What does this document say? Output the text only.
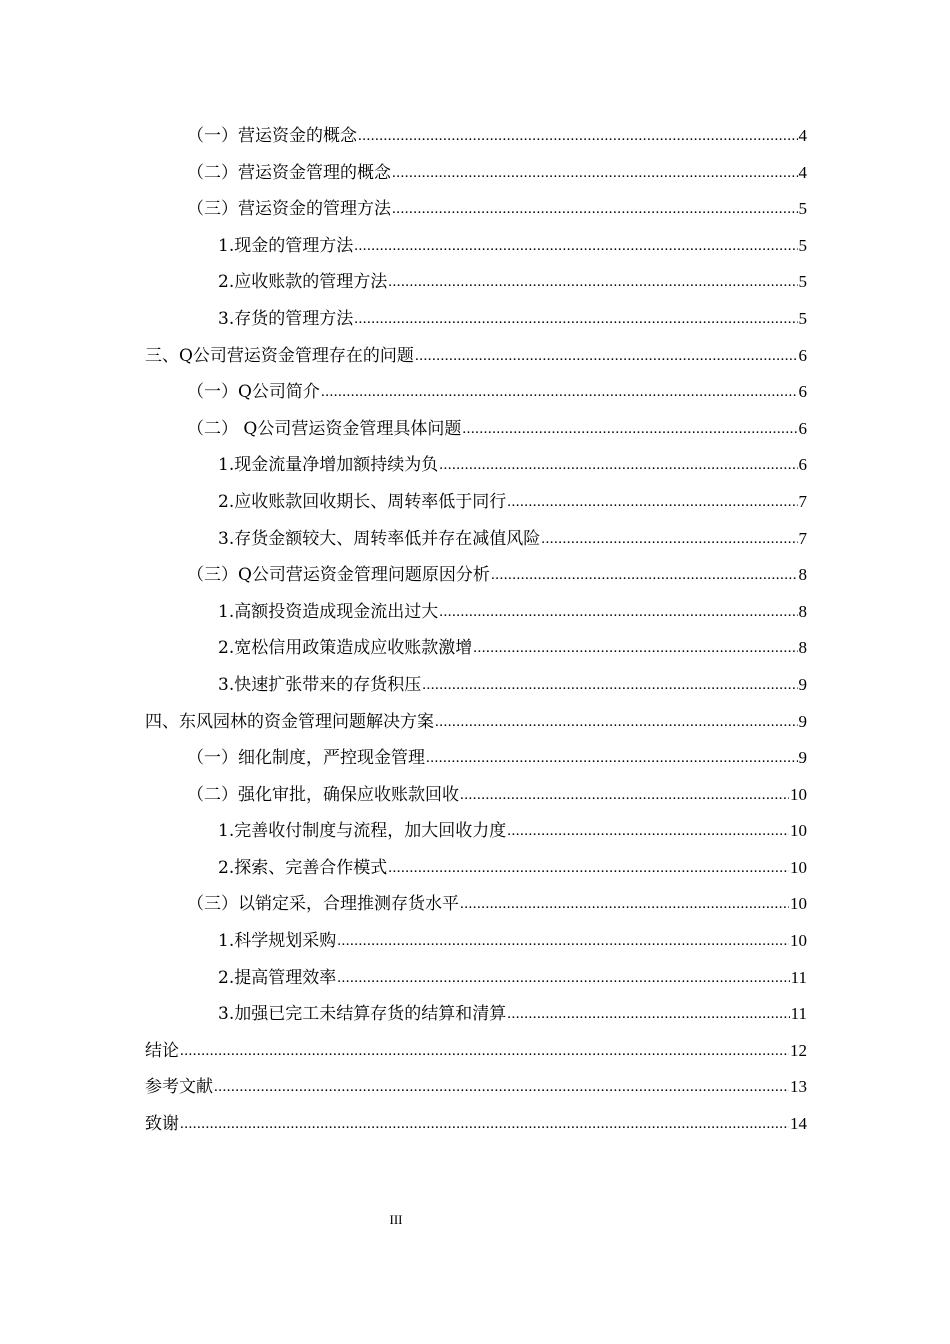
（一）营运资金的概念 .....	4
（二）营运资金管理的概念 .....	4
（三）营运资金的管理方法 .....	5
1.现金的管理方法 .....	5
2.应收账款的管理方法 .....	5
3.存货的管理方法 .....	5
三、Q公司营运资金管理存在的问题 .....	6
（一）Q公司简介 .....	6
（二） Q公司营运资金管理具体问题 .....	6
1.现金流量净增加额持续为负 .....	6
2.应收账款回收期长、周转率低于同行 .....	7
3.存货金额较大、周转率低并存在减值风险 .....	7
（三）Q公司营运资金管理问题原因分析 .....	8
1.高额投资造成现金流出过大 .....	8
2.宽松信用政策造成应收账款激增 .....	8
3.快速扩张带来的存货积压 .....	9
四、东风园林的资金管理问题解决方案 .....	9
（一）细化制度，严控现金管理 .....	9
（二）强化审批，确保应收账款回收 .....	10
1.完善收付制度与流程，加大回收力度 .....	10
2.探索、完善合作模式 .....	10
（三）以销定采，合理推测存货水平 .....	10
1.科学规划采购 .....	10
2.提高管理效率 .....	11
3.加强已完工未结算存货的结算和清算 .....	11
结论 .....	12
参考文献 .....	13
致谢 .....	14
III
